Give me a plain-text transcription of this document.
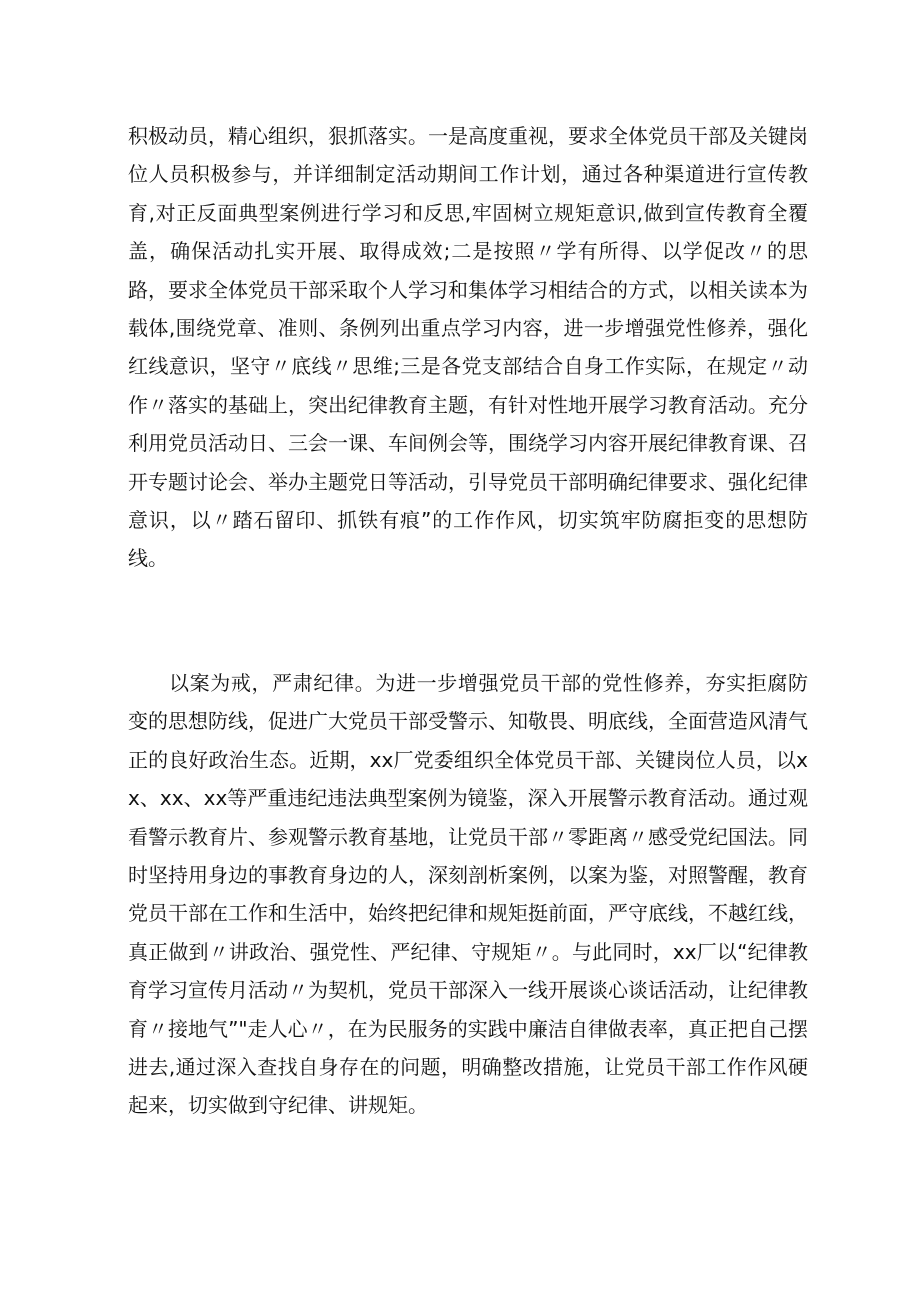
积极动员，精心组织，狠抓落实。一是高度重视，要求全体党员干部及关键岗位人员积极参与，并详细制定活动期间工作计划，通过各种渠道进行宣传教育,对正反面典型案例进行学习和反思,牢固树立规矩意识,做到宣传教育全覆盖，确保活动扎实开展、取得成效;二是按照〃学有所得、以学促改〃的思路，要求全体党员干部采取个人学习和集体学习相结合的方式，以相关读本为载体,围绕党章、准则、条例列出重点学习内容，进一步增强党性修养，强化红线意识，坚守〃底线〃思维;三是各党支部结合自身工作实际，在规定〃动作〃落实的基础上，突出纪律教育主题，有针对性地开展学习教育活动。充分利用党员活动日、三会一课、车间例会等，围绕学习内容开展纪律教育课、召开专题讨论会、举办主题党日等活动，引导党员干部明确纪律要求、强化纪律意识，以〃踏石留印、抓铁有痕”的工作作风，切实筑牢防腐拒变的思想防线。

以案为戒，严肃纪律。为进一步增强党员干部的党性修养，夯实拒腐防变的思想防线，促进广大党员干部受警示、知敬畏、明底线，全面营造风清气正的良好政治生态。近期，xx厂党委组织全体党员干部、关键岗位人员，以xx、xx、xx等严重违纪违法典型案例为镜鉴，深入开展警示教育活动。通过观看警示教育片、参观警示教育基地，让党员干部〃零距离〃感受党纪国法。同时坚持用身边的事教育身边的人，深刻剖析案例，以案为鉴，对照警醒，教育党员干部在工作和生活中，始终把纪律和规矩挺前面，严守底线，不越红线，真正做到〃讲政治、强党性、严纪律、守规矩〃。与此同时，xx厂以“纪律教育学习宣传月活动〃为契机，党员干部深入一线开展谈心谈话活动，让纪律教育〃接地气”"走人心〃，在为民服务的实践中廉洁自律做表率，真正把自己摆进去,通过深入查找自身存在的问题，明确整改措施，让党员干部工作作风硬起来，切实做到守纪律、讲规矩。
